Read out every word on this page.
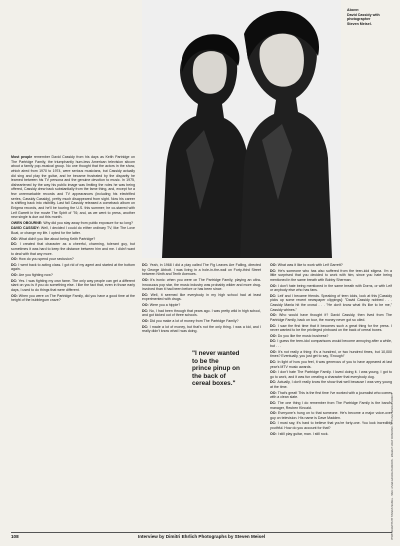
Above:
David Cassidy with
photographer
Steven Meisel.
PHOTOGRAPHS BY STEVEN MEISEL · HAIR: LINDA GARCIA-PERSOON · MAKEUP: JOEY MOSCOSO · STYLING: ARNOLD KIRSCH

Most people remember David Cassidy from his days as Keith Partridge on The Partridge Family, the triumphantly hum-less American television sitcom about a family pop-musical group. No one thought that the actors in the show, which aired from 1970 to 1974, were serious musicians, but Cassidy actually did sing and play the guitar, and he became frustrated by the disparity he learned between his TV persona and the genuine devotion to music. In 1975, disheartened by the way his public image was limiting the roles he was being offered, Cassidy drew back substantially from the fame thing, and, except for a few unremarkable records and TV appearances (including his electrified series, Cassidy Cassidy), pretty much disappeared from sight. Now his career is shifting back into visibility. Last fall Cassidy released a comeback album on Enigma records, and he'll be touring the U.S. this summer; he co-starred with Leif Garrett in the movie The Spirit of '76; and, as we went to press, another new single is due out this month.

OWEN OBOURNE: Why did you stay away from public exposure for so long?

DAVID CASSIDY: Well, I decided I could do either ordinary TV, like The Love Boat, or change my life. I opted for the latter.

OO: What didn't you like about being Keith Partridge?

DC: I created that character as a cheerful, charming, tolerant guy, but sometimes it was hard to keep the distance between him and me. I didn't want to deal with that any more.

OO: How do you spend your seclusion?

DC: I went back to acting class. I got rid of my agent and started at the bottom again.

OO: Are you fighting now?

DC: Yes. I was fighting my own fame. The only way people can get a different slant on you is if you do something else. I like the fact that, even in those early days, I used to do things that were different.

OO: When you were on The Partridge Family, did you have a good time at the height of the bubblegum craze?

DC: Yeah, in 1968 I did a play called The Fig Leaves Are Falling, directed by George Abbott. I was living in a hole-in-the-wall on Forty-third Street between Ninth and Tenth Avenues.

OO: It's ironic: when you were on The Partridge Family, playing an ultra-innocuous pop star, the music industry was probably wilder and more drug-involved than it had been before or has been since.

DC: Well, it seemed like everybody in my high school had at least experimented with drugs.

OO: Were you a hippie?

DC: No, I had been through that years ago. I was pretty wild in high school, and got kicked out of three schools.

OO: Did you make a lot of money from The Partridge Family?

DC: I made a lot of money, but that's not the only thing. I was a kid, and I really didn't know what I was doing.

OO: What was it like to work with Leif Garrett?

DC: He's someone who has also suffered from the teen-idol stigma. I'm a little surprised that you decided to work with him, since you hate being mentioned in the same breath with Bobby Sherman.

OO: I don't hate being mentioned in the same breath with Dorns, or with Leif or anybody else who has fans.

DC: Leif and I became friends. Speaking of teen idols, look at this [Cassidy picks up some recent newspaper clippings]: "David Cassidy nobbed . . . Cassidy Mania hit the crowd . . . "He don't know what it's like to be me," Cassidy whines."

OO: Who would have thought it? David Cassidy, then lived from The Partridge Family, back on tour, the money never got so oiled.

DC: I saw the first time that it becomes such a great thing for the press. I never wanted to be the privileged pinboard on the back of cereal boxes.

OO: Do you like the music business?

DC: I guess the teen-idol comparisons would become annoying after a while, but . . .

OO: It's not really a thing: it's a hundred, or two hundred times, but 10,000 times? Eventually, you just get to say, 'Enough!'

DC: In light of how you feel, it was generous of you to have appeared at last year's MTV music awards.

OO: I don't hate The Partridge Family. I loved doing it. I was young, I got to go to work, and it was fun creating a character that everybody dug.

DC: Actually, I don't really know the show that well because I was very young at the time.

OO: That's great! This is the first time I've worked with a journalist who comes with a clean slate.

DC: The one thing I do remember from The Partridge Family is the band's manager, Reuben Kincaid.

OO: Everyone's hung on to that someone. He's become a major voice-over guy on television. His name is Dave Madden.

DC: I must say, it's hard to believe that you're forty-one. You look incredibly youthful. How do you account for that?

OO: I still play guitar, man. I still rock.

"I never wanted
to be the
prince pinup on
the back of
cereal boxes."
108	Interview by Dimitri Ehrlich Photographs by Steven Meisel
